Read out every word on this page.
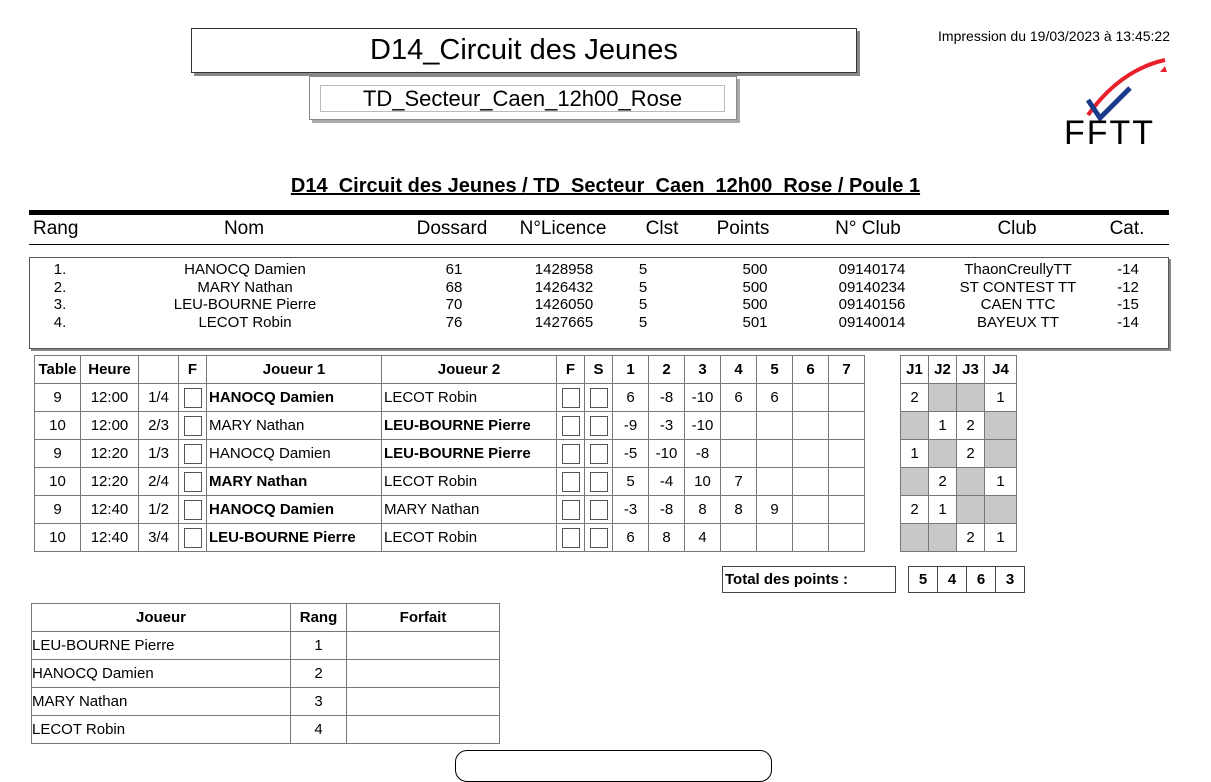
D14_Circuit des Jeunes
TD_Secteur_Caen_12h00_Rose
Impression du 19/03/2023 à 13:45:22
FFTT
D14_Circuit des Jeunes / TD_Secteur_Caen_12h00_Rose / Poule 1
Rang	Nom	Dossard	N°Licence	Clst	Points	N° Club	Club	Cat.
1.	HANOCQ Damien	61	1428958	5	500	09140174	ThaonCreullyTT	-14
2.	MARY Nathan	68	1426432	5	500	09140234	ST CONTEST TT	-12
3.	LEU-BOURNE Pierre	70	1426050	5	500	09140156	CAEN TTC	-15
4.	LECOT Robin	76	1427665	5	501	09140014	BAYEUX TT	-14
Table	Heure		F	Joueur 1	Joueur 2	F	S	1	2	3	4	5	6	7		J1	J2	J3	J4
9	12:00	1/4		HANOCQ Damien	LECOT Robin			6	-8	-10	6	6				2			1
10	12:00	2/3		MARY Nathan	LEU-BOURNE Pierre			-9	-3	-10							1	2	
9	12:20	1/3		HANOCQ Damien	LEU-BOURNE Pierre			-5	-10	-8						1		2	
10	12:20	2/4		MARY Nathan	LECOT Robin			5	-4	10	7						2		1
9	12:40	1/2		HANOCQ Damien	MARY Nathan			-3	-8	8	8	9				2	1		
10	12:40	3/4		LEU-BOURNE Pierre	LECOT Robin			6	8	4								2	1
Total des points :		5	4	6	3
Joueur	Rang	Forfait
LEU-BOURNE Pierre	1	
HANOCQ Damien	2	
MARY Nathan	3	
LECOT Robin	4	
